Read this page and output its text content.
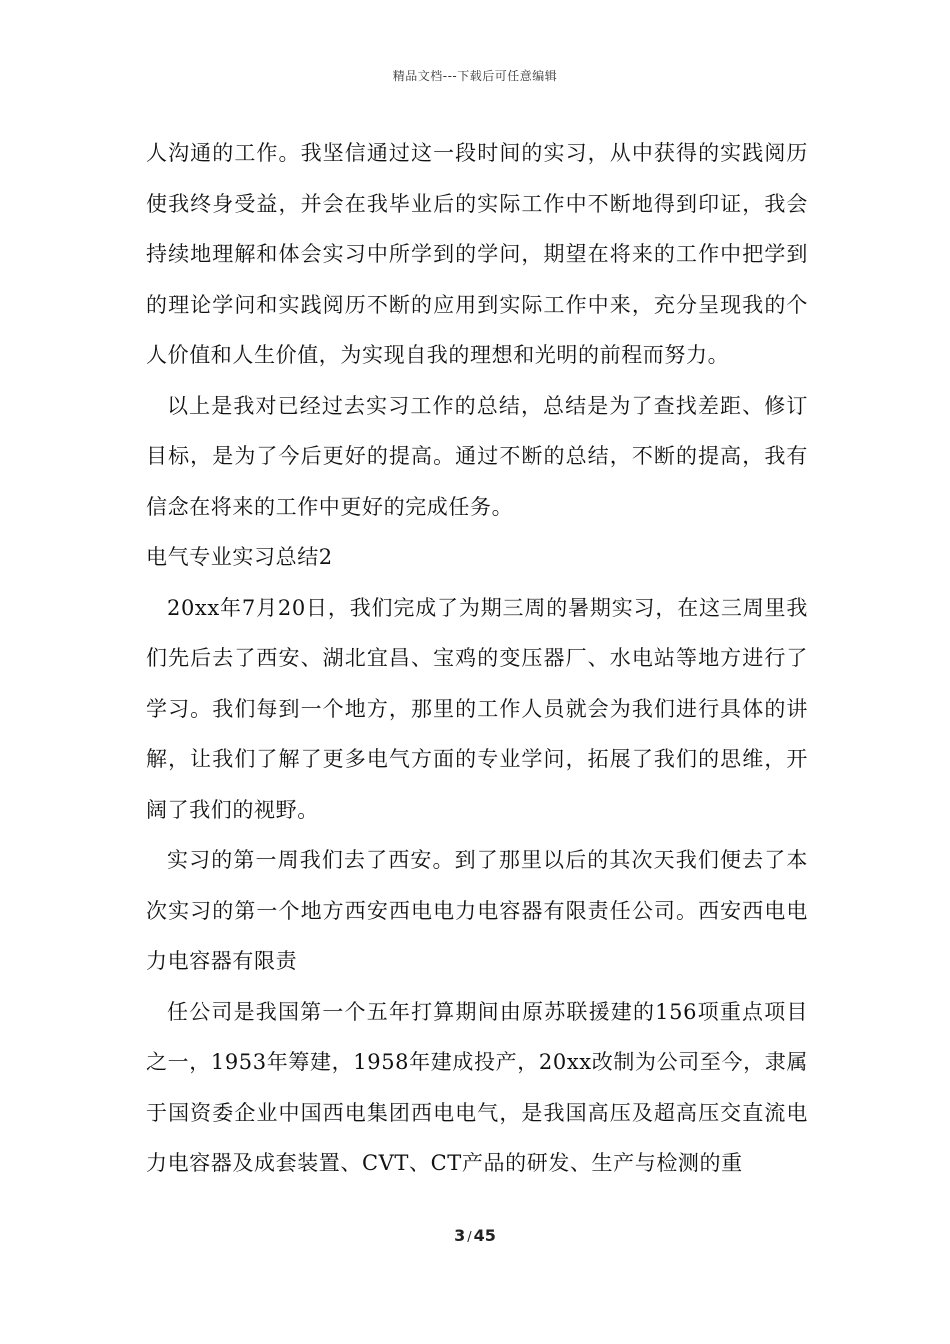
精品文档---下载后可任意编辑

人沟通的工作。我坚信通过这一段时间的实习，从中获得的实践阅历使我终身受益，并会在我毕业后的实际工作中不断地得到印证，我会持续地理解和体会实习中所学到的学问，期望在将来的工作中把学到的理论学问和实践阅历不断的应用到实际工作中来，充分呈现我的个人价值和人生价值，为实现自我的理想和光明的前程而努力。

以上是我对已经过去实习工作的总结，总结是为了查找差距、修订目标，是为了今后更好的提高。通过不断的总结，不断的提高，我有信念在将来的工作中更好的完成任务。

电气专业实习总结2

20xx年7月20日，我们完成了为期三周的暑期实习，在这三周里我们先后去了西安、湖北宜昌、宝鸡的变压器厂、水电站等地方进行了学习。我们每到一个地方，那里的工作人员就会为我们进行具体的讲解，让我们了解了更多电气方面的专业学问，拓展了我们的思维，开阔了我们的视野。

实习的第一周我们去了西安。到了那里以后的其次天我们便去了本次实习的第一个地方西安西电电力电容器有限责任公司。西安西电电力电容器有限责

任公司是我国第一个五年打算期间由原苏联援建的156项重点项目之一，1953年筹建，1958年建成投产，20xx改制为公司至今，隶属于国资委企业中国西电集团西电电气，是我国高压及超高压交直流电力电容器及成套装置、CVT、CT产品的研发、生产与检测的重

3 / 45
